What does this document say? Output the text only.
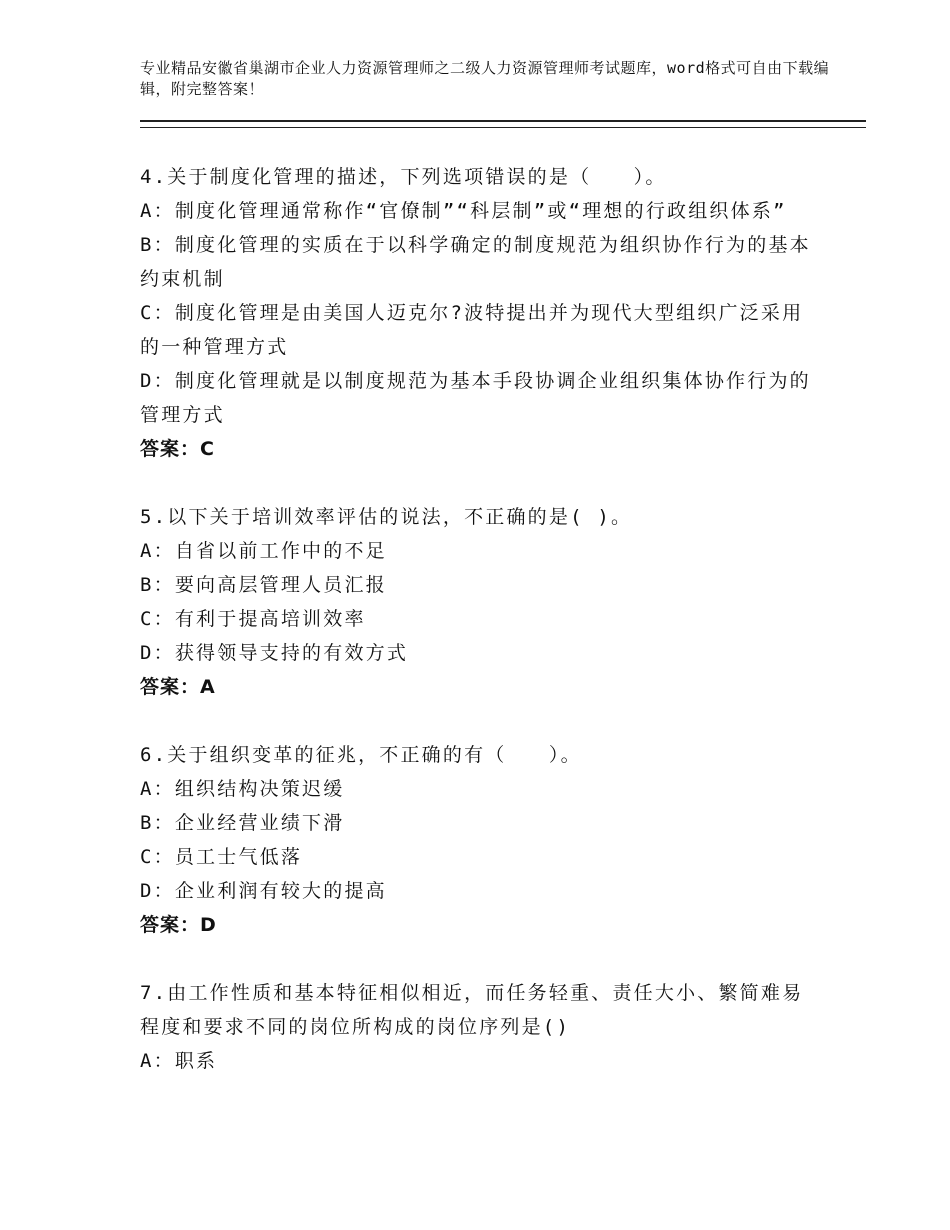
专业精品安徽省巢湖市企业人力资源管理师之二级人力资源管理师考试题库，word格式可自由下载编辑，附完整答案！
4.关于制度化管理的描述，下列选项错误的是（　　）。
A：制度化管理通常称作“官僚制”“科层制”或“理想的行政组织体系”
B：制度化管理的实质在于以科学确定的制度规范为组织协作行为的基本约束机制
C：制度化管理是由美国人迈克尔?波特提出并为现代大型组织广泛采用的一种管理方式
D：制度化管理就是以制度规范为基本手段协调企业组织集体协作行为的管理方式
答案：C
5.以下关于培训效率评估的说法，不正确的是( )。
A：自省以前工作中的不足
B：要向高层管理人员汇报
C：有利于提高培训效率
D：获得领导支持的有效方式
答案：A
6.关于组织变革的征兆，不正确的有（　　）。
A：组织结构决策迟缓
B：企业经营业绩下滑
C：员工士气低落
D：企业利润有较大的提高
答案：D
7.由工作性质和基本特征相似相近，而任务轻重、责任大小、繁简难易程度和要求不同的岗位所构成的岗位序列是()
A：职系
